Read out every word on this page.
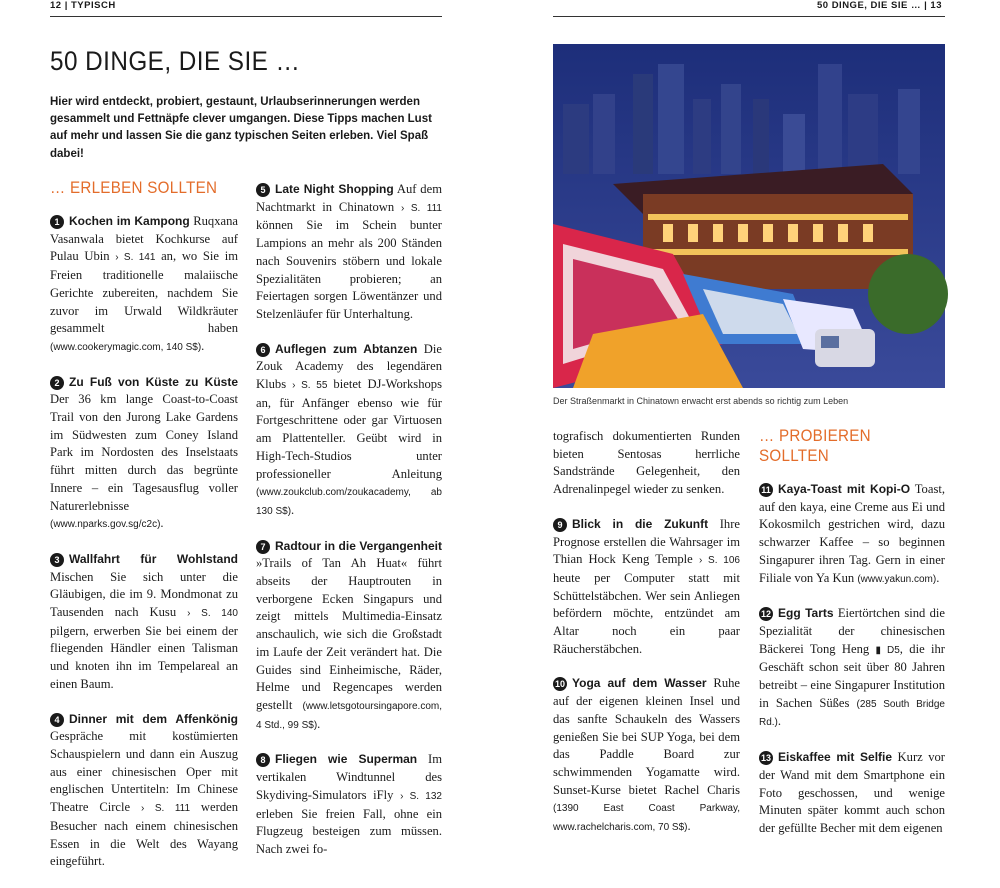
12 | TYPISCH	50 DINGE, DIE SIE … | 13
50 DINGE, DIE SIE …

Hier wird entdeckt, probiert, gestaunt, Urlaubserinnerungen werden gesammelt und Fettnäpfe clever umgangen. Diese Tipps machen Lust auf mehr und lassen Sie die ganz typischen Seiten erleben. Viel Spaß dabei!

… ERLEBEN SOLLTEN
1 Kochen im Kampong Ruqxana Vasanwala bietet Kochkurse auf Pulau Ubin › S. 141 an, wo Sie im Freien traditionelle malaiische Gerichte zubereiten, nachdem Sie zuvor im Urwald Wildkräuter gesammelt haben (www.cookerymagic.com, 140 S$).
2 Zu Fuß von Küste zu Küste Der 36 km lange Coast-to-Coast Trail von den Jurong Lake Gardens im Südwesten zum Coney Island Park im Nordosten des Inselstaats führt mitten durch das begrünte Innere – ein Tagesausflug voller Naturerlebnisse (www.nparks.gov.sg/c2c).
3 Wallfahrt für Wohlstand Mischen Sie sich unter die Gläubigen, die im 9. Mondmonat zu Tausenden nach Kusu › S. 140 pilgern, erwerben Sie bei einem der fliegenden Händler einen Talisman und knoten ihn im Tempelareal an einen Baum.
4 Dinner mit dem Affenkönig Gespräche mit kostümierten Schauspielern und dann ein Auszug aus einer chinesischen Oper mit englischen Untertiteln: Im Chinese Theatre Circle › S. 111 werden Besucher nach einem chinesischen Essen in die Welt des Wayang eingeführt.
5 Late Night Shopping Auf dem Nachtmarkt in Chinatown › S. 111 können Sie im Schein bunter Lampions an mehr als 200 Ständen nach Souvenirs stöbern und lokale Spezialitäten probieren; an Feiertagen sorgen Löwentänzer und Stelzenläufer für Unterhaltung.
6 Auflegen zum Abtanzen Die Zouk Academy des legendären Klubs › S. 55 bietet DJ-Workshops an, für Anfänger ebenso wie für Fortgeschrittene oder gar Virtuosen am Plattenteller. Geübt wird in High-Tech-Studios unter professioneller Anleitung (www.zoukclub.com/zoukacademy, ab 130 S$).
7 Radtour in die Vergangenheit »Trails of Tan Ah Huat« führt abseits der Hauptrouten in verborgene Ecken Singapurs und zeigt mittels Multimedia-Einsatz anschaulich, wie sich die Großstadt im Laufe der Zeit verändert hat. Die Guides sind Einheimische, Räder, Helme und Regencapes werden gestellt (www.letsgotoursingapore.com, 4 Std., 99 S$).
8 Fliegen wie Superman Im vertikalen Windtunnel des Skydiving-Simulators iFly › S. 132 erleben Sie freien Fall, ohne ein Flugzeug besteigen zum müssen. Nach zwei fo-
Der Straßenmarkt in Chinatown erwacht erst abends so richtig zum Leben
tografisch dokumentierten Runden bieten Sentosas herrliche Sandstrände Gelegenheit, den Adrenalinpegel wieder zu senken.
9 Blick in die Zukunft Ihre Prognose erstellen die Wahrsager im Thian Hock Keng Temple › S. 106 heute per Computer statt mit Schüttelstäbchen. Wer sein Anliegen befördern möchte, entzündet am Altar noch ein paar Räucherstäbchen.
10 Yoga auf dem Wasser Ruhe auf der eigenen kleinen Insel und das sanfte Schaukeln des Wassers genießen Sie bei SUP Yoga, bei dem das Paddle Board zur schwimmenden Yogamatte wird. Sunset-Kurse bietet Rachel Charis (1390 East Coast Parkway, www.rachelcharis.com, 70 S$).
… PROBIEREN SOLLTEN
11 Kaya-Toast mit Kopi-O Toast, auf den kaya, eine Creme aus Ei und Kokosmilch gestrichen wird, dazu schwarzer Kaffee – so beginnen Singapurer ihren Tag. Gern in einer Filiale von Ya Kun (www.yakun.com).
12 Egg Tarts Eiertörtchen sind die Spezialität der chinesischen Bäckerei Tong Heng ▮ D5, die ihr Geschäft schon seit über 80 Jahren betreibt – eine Singapurer Institution in Sachen Süßes (285 South Bridge Rd.).
13 Eiskaffee mit Selfie Kurz vor der Wand mit dem Smartphone ein Foto geschossen, und wenige Minuten später kommt auch schon der gefüllte Becher mit dem eigenen
